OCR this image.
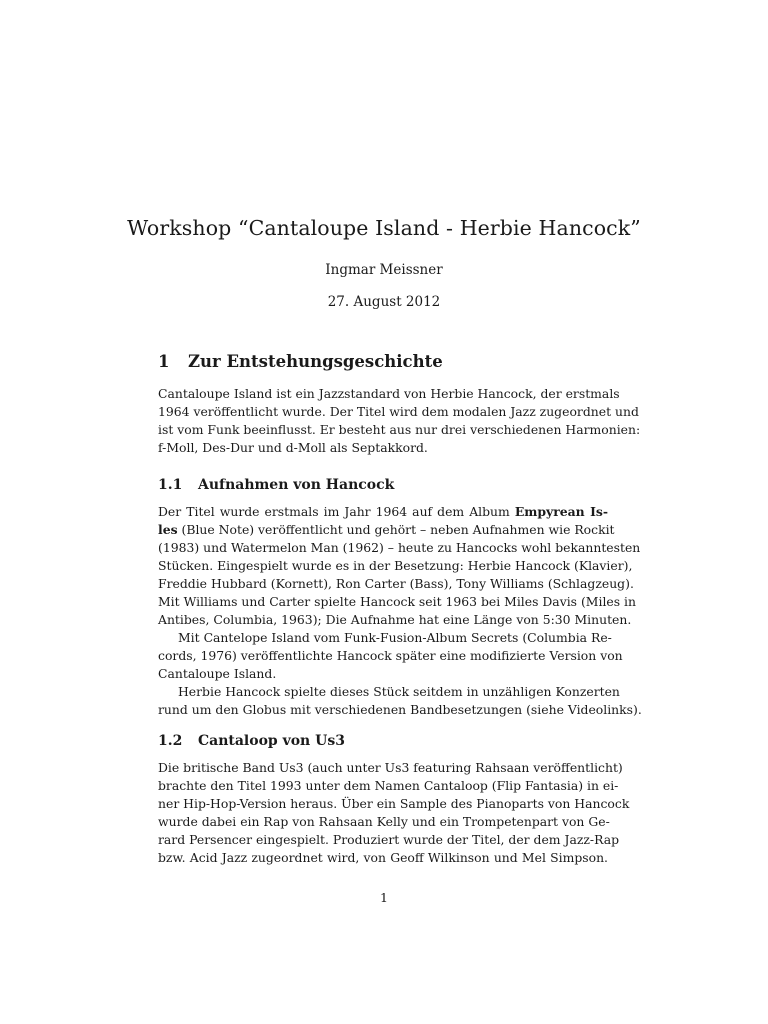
Workshop “Cantaloupe Island - Herbie Hancock”
Ingmar Meissner
27. August 2012
1 Zur Entstehungsgeschichte
Cantaloupe Island ist ein Jazzstandard von Herbie Hancock, der erstmals
1964 veröffentlicht wurde. Der Titel wird dem modalen Jazz zugeordnet und
ist vom Funk beeinflusst. Er besteht aus nur drei verschiedenen Harmonien:
f-Moll, Des-Dur und d-Moll als Septakkord.
1.1 Aufnahmen von Hancock
Der Titel wurde erstmals im Jahr 1964 auf dem Album Empyrean Is-
les (Blue Note) veröffentlicht und gehört – neben Aufnahmen wie Rockit
(1983) und Watermelon Man (1962) – heute zu Hancocks wohl bekanntesten
Stücken. Eingespielt wurde es in der Besetzung: Herbie Hancock (Klavier),
Freddie Hubbard (Kornett), Ron Carter (Bass), Tony Williams (Schlagzeug).
Mit Williams und Carter spielte Hancock seit 1963 bei Miles Davis (Miles in
Antibes, Columbia, 1963); Die Aufnahme hat eine Länge von 5:30 Minuten.
Mit Cantelope Island vom Funk-Fusion-Album Secrets (Columbia Re-
cords, 1976) veröffentlichte Hancock später eine modifizierte Version von
Cantaloupe Island.
Herbie Hancock spielte dieses Stück seitdem in unzähligen Konzerten
rund um den Globus mit verschiedenen Bandbesetzungen (siehe Videolinks).
1.2 Cantaloop von Us3
Die britische Band Us3 (auch unter Us3 featuring Rahsaan veröffentlicht)
brachte den Titel 1993 unter dem Namen Cantaloop (Flip Fantasia) in ei-
ner Hip-Hop-Version heraus. Über ein Sample des Pianoparts von Hancock
wurde dabei ein Rap von Rahsaan Kelly und ein Trompetenpart von Ge-
rard Persencer eingespielt. Produziert wurde der Titel, der dem Jazz-Rap
bzw. Acid Jazz zugeordnet wird, von Geoff Wilkinson und Mel Simpson.
1
